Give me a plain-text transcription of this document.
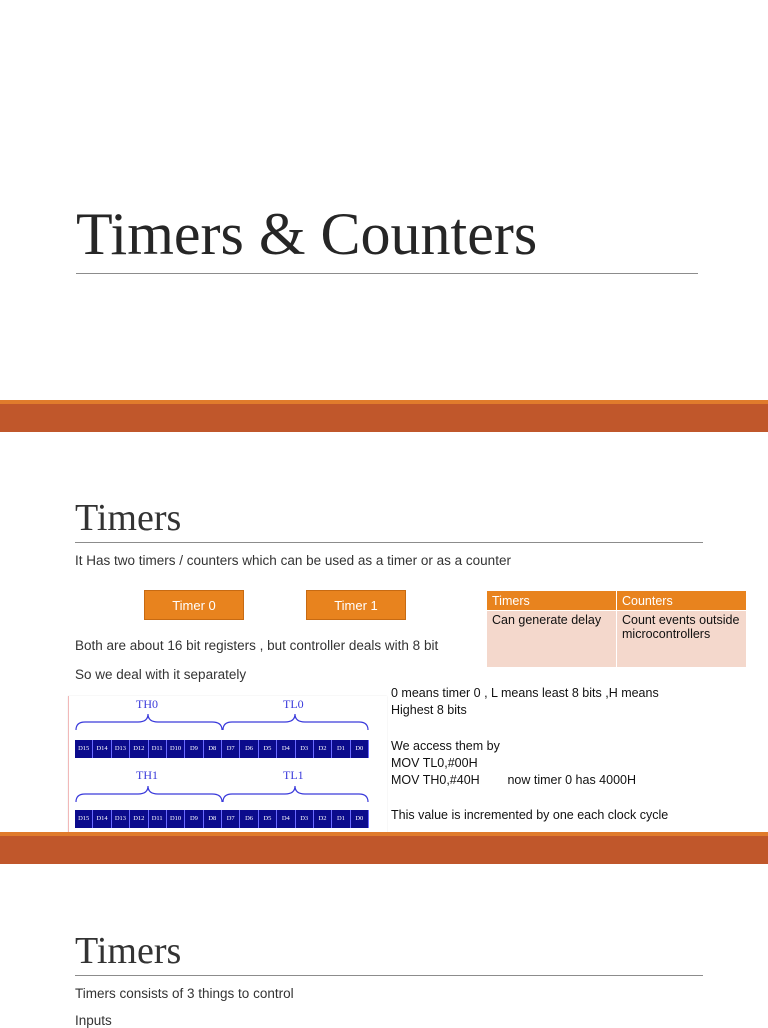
Timers & Counters
Timers
It Has two timers / counters which can be used as a timer or as a counter
Timer 0	Timer 1
Both are about 16 bit registers , but controller deals with 8 bit
So we deal with it separately
Timers	Counters
Can generate delay	Count events outside microcontrollers
TH0	TL0
D15	D14	D13	D12	D11	D10	D9	D8	D7	D6	D5	D4	D3	D2	D1	D0
TH1	TL1
D15	D14	D13	D12	D11	D10	D9	D8	D7	D6	D5	D4	D3	D2	D1	D0
0 means timer 0 , L means least 8 bits ,H means
Highest 8 bits
We access them by
MOV TL0,#00H
MOV TH0,#40H        now timer 0 has 4000H
This value is incremented by one each clock cycle
Timers
Timers consists of 3 things to control
Inputs
